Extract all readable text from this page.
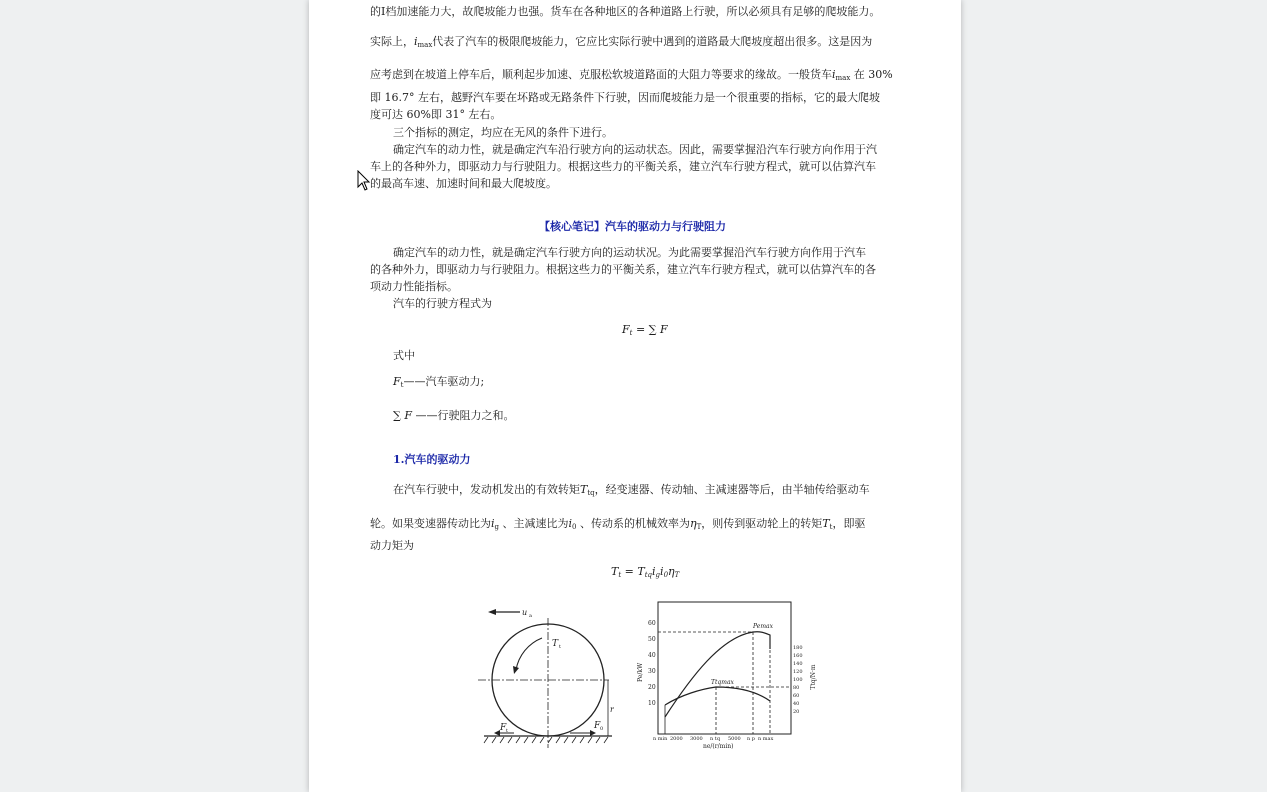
的Ⅰ档加速能力大，故爬坡能力也强。货车在各种地区的各种道路上行驶，所以必须具有足够的爬坡能力。
实际上，$i_{max}$代表了汽车的极限爬坡能力，它应比实际行驶中遇到的道路最大爬坡度超出很多。这是因为
应考虑到在坡道上停车后，顺利起步加速、克服松软坡道路面的大阻力等要求的缘故。一般货车$i_{max}$ 在 30%
即 16.7° 左右，越野汽车要在坏路或无路条件下行驶，因而爬坡能力是一个很重要的指标，它的最大爬坡
度可达 60%即 31° 左右。
三个指标的测定，均应在无风的条件下进行。
确定汽车的动力性，就是确定汽车沿行驶方向的运动状态。因此，需要掌握沿汽车行驶方向作用于汽
车上的各种外力，即驱动力与行驶阻力。根据这些力的平衡关系，建立汽车行驶方程式，就可以估算汽车
的最高车速、加速时间和最大爬坡度。
【核心笔记】汽车的驱动力与行驶阻力
确定汽车的动力性，就是确定汽车行驶方向的运动状况。为此需要掌握沿汽车行驶方向作用于汽车
的各种外力，即驱动力与行驶阻力。根据这些力的平衡关系，建立汽车行驶方程式，就可以估算汽车的各
项动力性能指标。
汽车的行驶方程式为
$F_t$ = ∑ F
式中
$F_t——$汽车驱动力;
∑ F ——行驶阻力之和。
1.汽车的驱动力
在汽车行驶中，发动机发出的有效转矩$T_{tq}$，经变速器、传动轴、主减速器等后，由半轴传给驱动车
轮。如果变速器传动比为$i_g$ 、主减速比为$i_0$ 、传动系的机械效率为$\eta_T$，则传到驱动轮上的转矩$T_t$，即驱
动力矩为
$T_t = T_{tq}i_gi_0\eta_T$
u a
T t
r
F t	F 0
60
50
40
30
20
10
Pe/kW
180
160
140
120
100
80
60
40
20
Ttq/N·m
n min 2000 3000 n tq 5000 n p n max
ne/(r/min)
Pemax
Ttqmax
